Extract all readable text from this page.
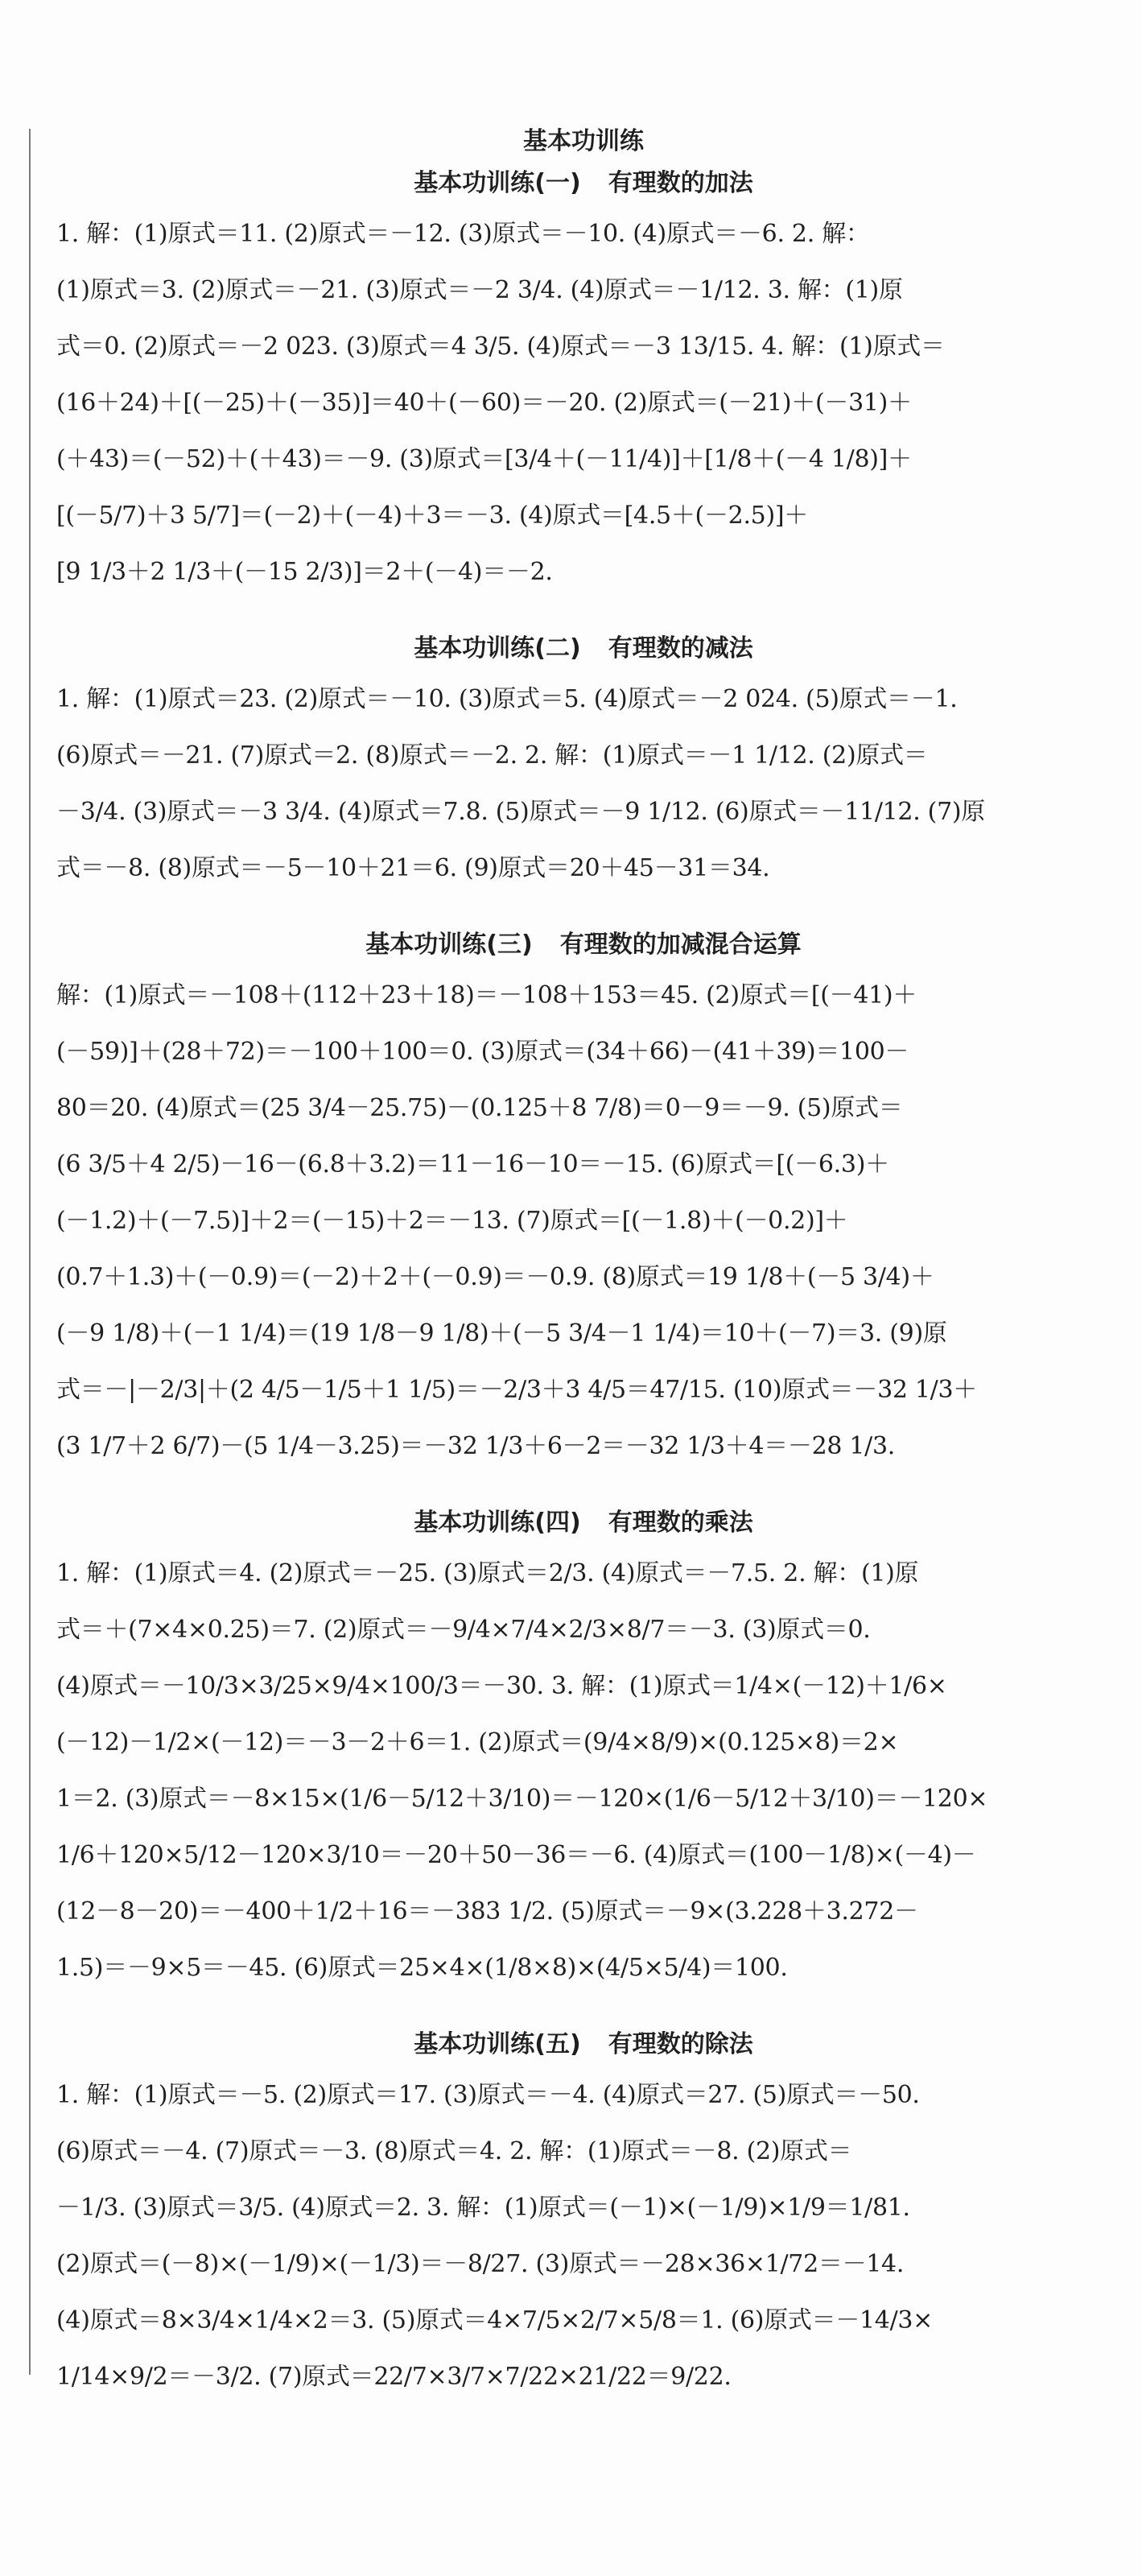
基本功训练
基本功训练(一) 有理数的加法
1. 解：(1)原式＝11. (2)原式＝－12. (3)原式＝－10. (4)原式＝－6. 2. 解：
(1)原式＝3. (2)原式＝－21. (3)原式＝－2 3/4. (4)原式＝－1/12. 3. 解：(1)原
式＝0. (2)原式＝－2 023. (3)原式＝4 3/5. (4)原式＝－3 13/15. 4. 解：(1)原式＝
(16＋24)＋[(－25)＋(－35)]＝40＋(－60)＝－20. (2)原式＝(－21)＋(－31)＋
(＋43)＝(－52)＋(＋43)＝－9. (3)原式＝[3/4＋(－11/4)]＋[1/8＋(－4 1/8)]＋
[(－5/7)＋3 5/7]＝(－2)＋(－4)＋3＝－3. (4)原式＝[4.5＋(－2.5)]＋
[9 1/3＋2 1/3＋(－15 2/3)]＝2＋(－4)＝－2.
基本功训练(二) 有理数的减法
1. 解：(1)原式＝23. (2)原式＝－10. (3)原式＝5. (4)原式＝－2 024. (5)原式＝－1.
(6)原式＝－21. (7)原式＝2. (8)原式＝－2. 2. 解：(1)原式＝－1 1/12. (2)原式＝
－3/4. (3)原式＝－3 3/4. (4)原式＝7.8. (5)原式＝－9 1/12. (6)原式＝－11/12. (7)原
式＝－8. (8)原式＝－5－10＋21＝6. (9)原式＝20＋45－31＝34.
基本功训练(三) 有理数的加减混合运算
解：(1)原式＝－108＋(112＋23＋18)＝－108＋153＝45. (2)原式＝[(－41)＋
(－59)]＋(28＋72)＝－100＋100＝0. (3)原式＝(34＋66)－(41＋39)＝100－
80＝20. (4)原式＝(25 3/4－25.75)－(0.125＋8 7/8)＝0－9＝－9. (5)原式＝
(6 3/5＋4 2/5)－16－(6.8＋3.2)＝11－16－10＝－15. (6)原式＝[(－6.3)＋
(－1.2)＋(－7.5)]＋2＝(－15)＋2＝－13. (7)原式＝[(－1.8)＋(－0.2)]＋
(0.7＋1.3)＋(－0.9)＝(－2)＋2＋(－0.9)＝－0.9. (8)原式＝19 1/8＋(－5 3/4)＋
(－9 1/8)＋(－1 1/4)＝(19 1/8－9 1/8)＋(－5 3/4－1 1/4)＝10＋(－7)＝3. (9)原
式＝－|－2/3|＋(2 4/5－1/5＋1 1/5)＝－2/3＋3 4/5＝47/15. (10)原式＝－32 1/3＋
(3 1/7＋2 6/7)－(5 1/4－3.25)＝－32 1/3＋6－2＝－32 1/3＋4＝－28 1/3.
基本功训练(四) 有理数的乘法
1. 解：(1)原式＝4. (2)原式＝－25. (3)原式＝2/3. (4)原式＝－7.5. 2. 解：(1)原
式＝＋(7×4×0.25)＝7. (2)原式＝－9/4×7/4×2/3×8/7＝－3. (3)原式＝0.
(4)原式＝－10/3×3/25×9/4×100/3＝－30. 3. 解：(1)原式＝1/4×(－12)＋1/6×
(－12)－1/2×(－12)＝－3－2＋6＝1. (2)原式＝(9/4×8/9)×(0.125×8)＝2×
1＝2. (3)原式＝－8×15×(1/6－5/12＋3/10)＝－120×(1/6－5/12＋3/10)＝－120×
1/6＋120×5/12－120×3/10＝－20＋50－36＝－6. (4)原式＝(100－1/8)×(－4)－
(12－8－20)＝－400＋1/2＋16＝－383 1/2. (5)原式＝－9×(3.228＋3.272－
1.5)＝－9×5＝－45. (6)原式＝25×4×(1/8×8)×(4/5×5/4)＝100.
基本功训练(五) 有理数的除法
1. 解：(1)原式＝－5. (2)原式＝17. (3)原式＝－4. (4)原式＝27. (5)原式＝－50.
(6)原式＝－4. (7)原式＝－3. (8)原式＝4. 2. 解：(1)原式＝－8. (2)原式＝
－1/3. (3)原式＝3/5. (4)原式＝2. 3. 解：(1)原式＝(－1)×(－1/9)×1/9＝1/81.
(2)原式＝(－8)×(－1/9)×(－1/3)＝－8/27. (3)原式＝－28×36×1/72＝－14.
(4)原式＝8×3/4×1/4×2＝3. (5)原式＝4×7/5×2/7×5/8＝1. (6)原式＝－14/3×
1/14×9/2＝－3/2. (7)原式＝22/7×3/7×7/22×21/22＝9/22.
